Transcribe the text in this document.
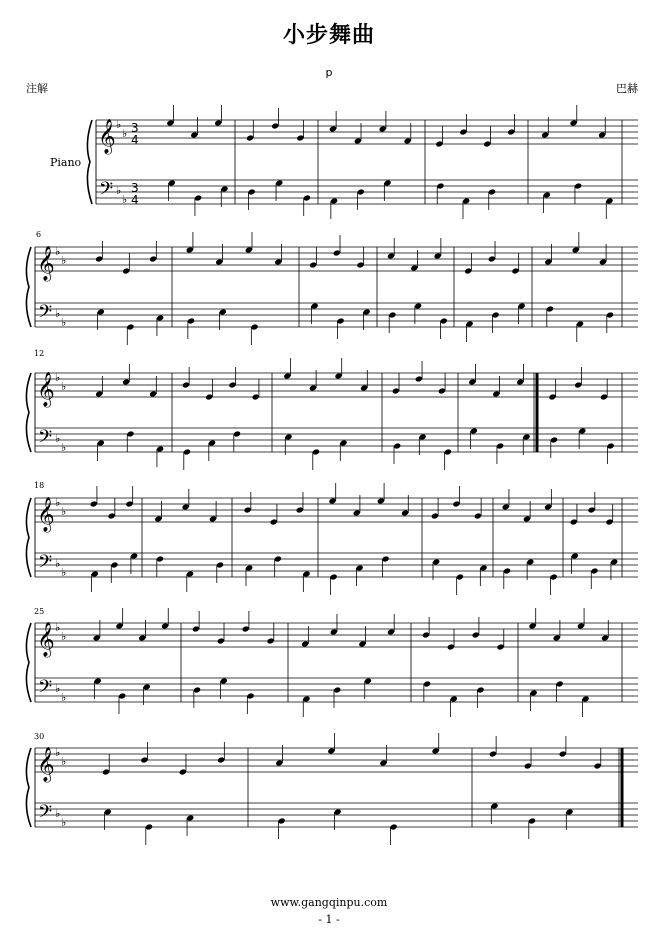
小步舞曲
p
注解	巴赫
Piano
6
12
18
25
30
𝄞
𝄢
♭
♭
♭
♭
3
4
3
4
𝄞
𝄢
♭
♭
♭
♭
𝄞
𝄢
♭
♭
♭
♭
𝄞
𝄢
♭
♭
♭
♭
𝄞
𝄢
♭
♭
♭
♭
𝄞
𝄢
♭
♭
♭
♭
www.gangqinpu.com
- 1 -
